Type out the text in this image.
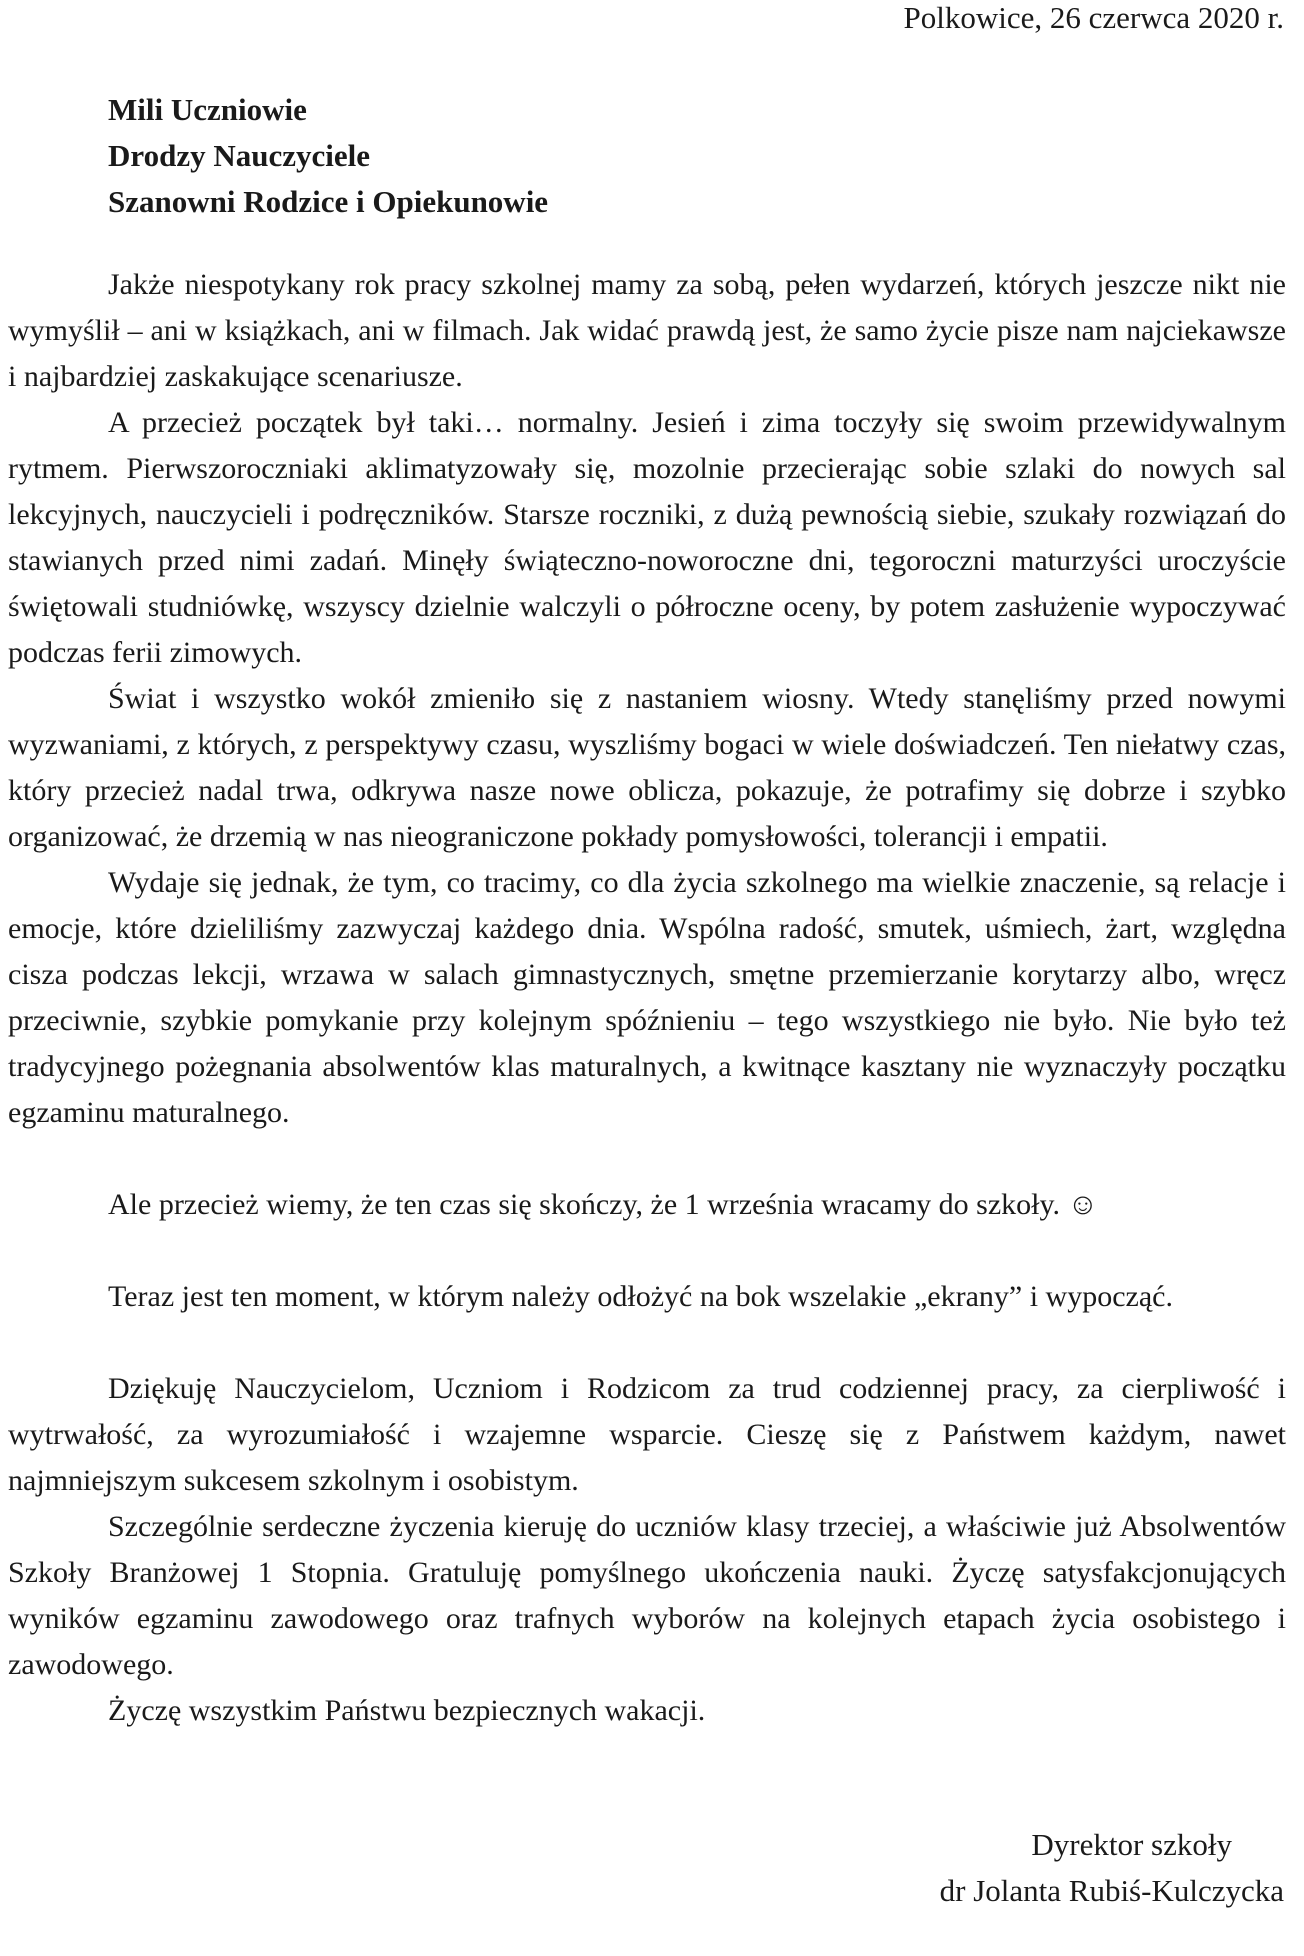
Polkowice, 26 czerwca 2020 r.
Mili Uczniowie
Drodzy Nauczyciele
Szanowni Rodzice i Opiekunowie

Jakże niespotykany rok pracy szkolnej mamy za sobą, pełen wydarzeń, których jeszcze nikt nie wymyślił – ani w książkach, ani w filmach. Jak widać prawdą jest, że samo życie pisze nam najciekawsze i najbardziej zaskakujące scenariusze.

A przecież początek był taki… normalny. Jesień i zima toczyły się swoim przewidywalnym rytmem. Pierwszoroczniaki aklimatyzowały się, mozolnie przecierając sobie szlaki do nowych sal lekcyjnych, nauczycieli i podręczników. Starsze roczniki, z dużą pewnością siebie, szukały rozwiązań do stawianych przed nimi zadań. Minęły świąteczno-noworoczne dni, tegoroczni maturzyści uroczyście świętowali studniówkę, wszyscy dzielnie walczyli o półroczne oceny, by potem zasłużenie wypoczywać podczas ferii zimowych.

Świat i wszystko wokół zmieniło się z nastaniem wiosny. Wtedy stanęliśmy przed nowymi wyzwaniami, z których, z perspektywy czasu, wyszliśmy bogaci w wiele doświadczeń. Ten niełatwy czas, który przecież nadal trwa, odkrywa nasze nowe oblicza, pokazuje, że potrafimy się dobrze i szybko organizować, że drzemią w nas nieograniczone pokłady pomysłowości, tolerancji i empatii.

Wydaje się jednak, że tym, co tracimy, co dla życia szkolnego ma wielkie znaczenie, są relacje i emocje, które dzieliliśmy zazwyczaj każdego dnia. Wspólna radość, smutek, uśmiech, żart, względna cisza podczas lekcji, wrzawa w salach gimnastycznych, smętne przemierzanie korytarzy albo, wręcz przeciwnie, szybkie pomykanie przy kolejnym spóźnieniu – tego wszystkiego nie było. Nie było też tradycyjnego pożegnania absolwentów klas maturalnych, a kwitnące kasztany nie wyznaczyły początku egzaminu maturalnego.

Ale przecież wiemy, że ten czas się skończy, że 1 września wracamy do szkoły. ☺

Teraz jest ten moment, w którym należy odłożyć na bok wszelakie „ekrany” i wypocząć.

Dziękuję Nauczycielom, Uczniom i Rodzicom za trud codziennej pracy, za cierpliwość i wytrwałość, za wyrozumiałość i wzajemne wsparcie. Cieszę się z Państwem każdym, nawet najmniejszym sukcesem szkolnym i osobistym.

Szczególnie serdeczne życzenia kieruję do uczniów klasy trzeciej, a właściwie już Absolwentów Szkoły Branżowej 1 Stopnia. Gratuluję pomyślnego ukończenia nauki. Życzę satysfakcjonujących wyników egzaminu zawodowego oraz trafnych wyborów na kolejnych etapach życia osobistego i zawodowego.

Życzę wszystkim Państwu bezpiecznych wakacji.

Dyrektor szkoły
dr Jolanta Rubiś-Kulczycka
